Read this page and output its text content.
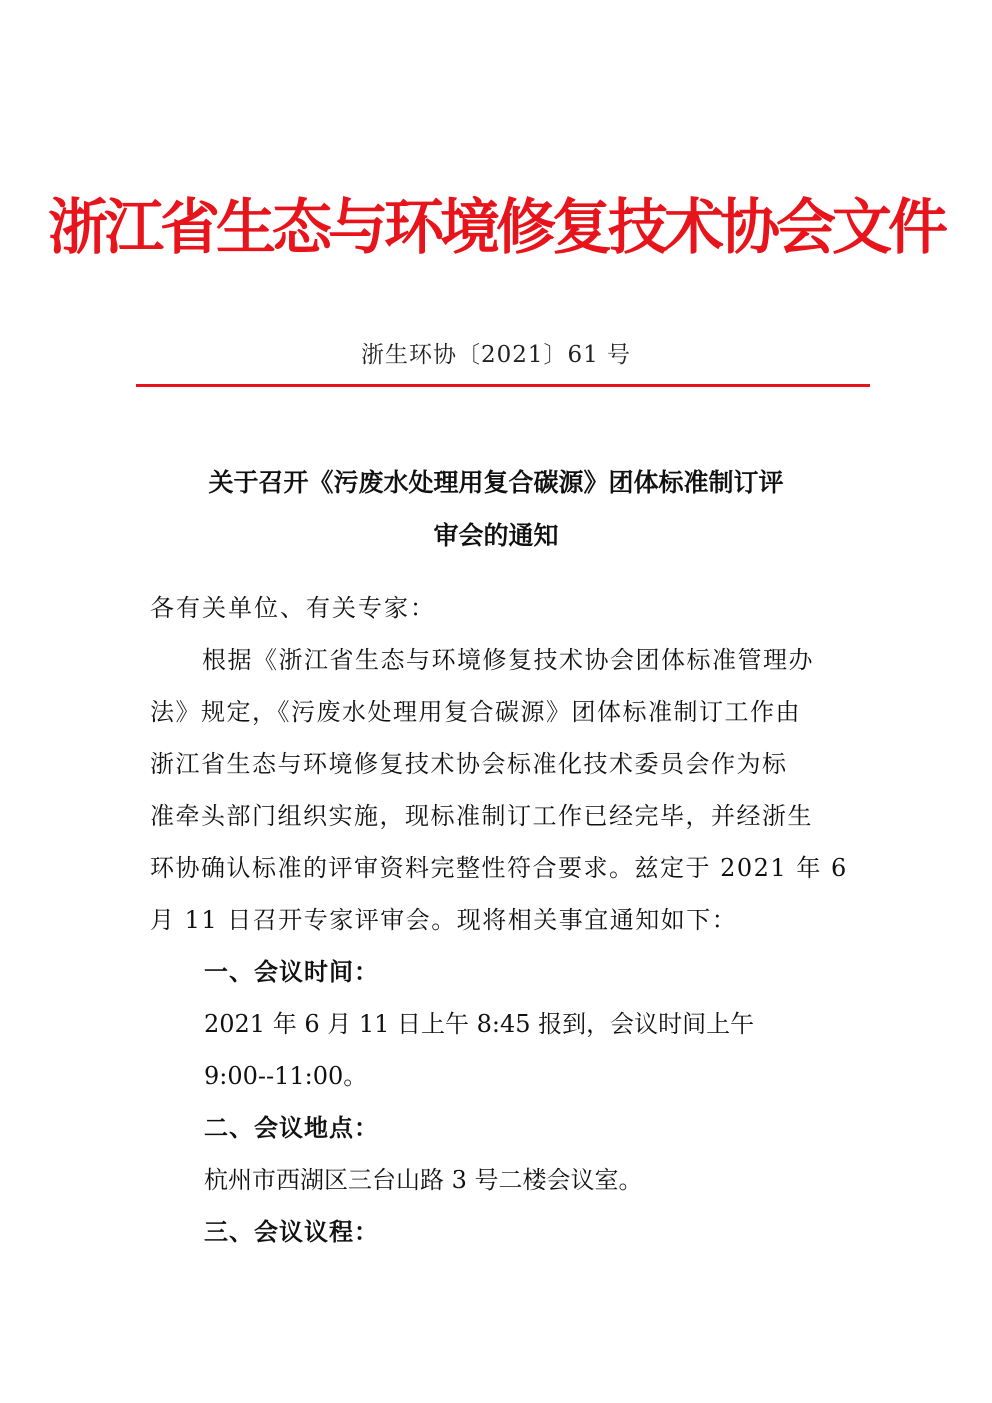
浙江省生态与环境修复技术协会文件
浙生环协〔2021〕61 号
关于召开《污废水处理用复合碳源》团体标准制订评
审会的通知
各有关单位、有关专家：
根据《浙江省生态与环境修复技术协会团体标准管理办
法》规定，《污废水处理用复合碳源》团体标准制订工作由
浙江省生态与环境修复技术协会标准化技术委员会作为标
准牵头部门组织实施，现标准制订工作已经完毕，并经浙生
环协确认标准的评审资料完整性符合要求。兹定于 2021 年 6
月 11 日召开专家评审会。现将相关事宜通知如下：
一、会议时间：
2021 年 6 月 11 日上午 8:45 报到，会议时间上午
9:00--11:00。
二、会议地点：
杭州市西湖区三台山路 3 号二楼会议室。
三、会议议程：
